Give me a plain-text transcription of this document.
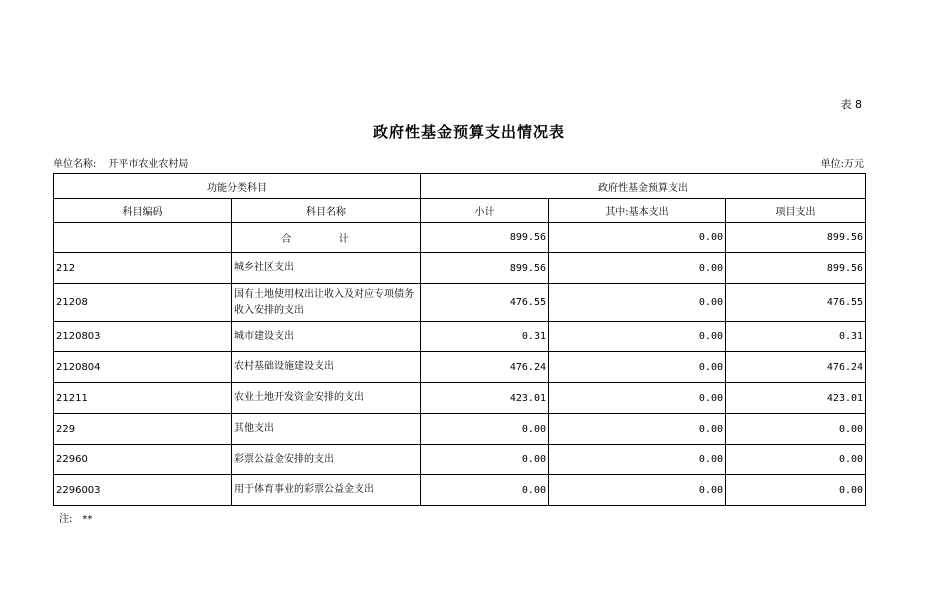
表 8
政府性基金预算支出情况表
单位名称: 开平市农业农村局	单位:万元
功能分类科目		政府性基金预算支出		
科目编码	科目名称	小计	其中:基本支出	项目支出
	合 计	899.56	0.00	899.56
212	城乡社区支出	899.56	0.00	899.56
21208	国有土地使用权出让收入及对应专项债务收入安排的支出	476.55	0.00	476.55
2120803	城市建设支出	0.31	0.00	0.31
2120804	农村基础设施建设支出	476.24	0.00	476.24
21211	农业土地开发资金安排的支出	423.01	0.00	423.01
229	其他支出	0.00	0.00	0.00
22960	彩票公益金安排的支出	0.00	0.00	0.00
2296003	用于体育事业的彩票公益金支出	0.00	0.00	0.00
注: **
